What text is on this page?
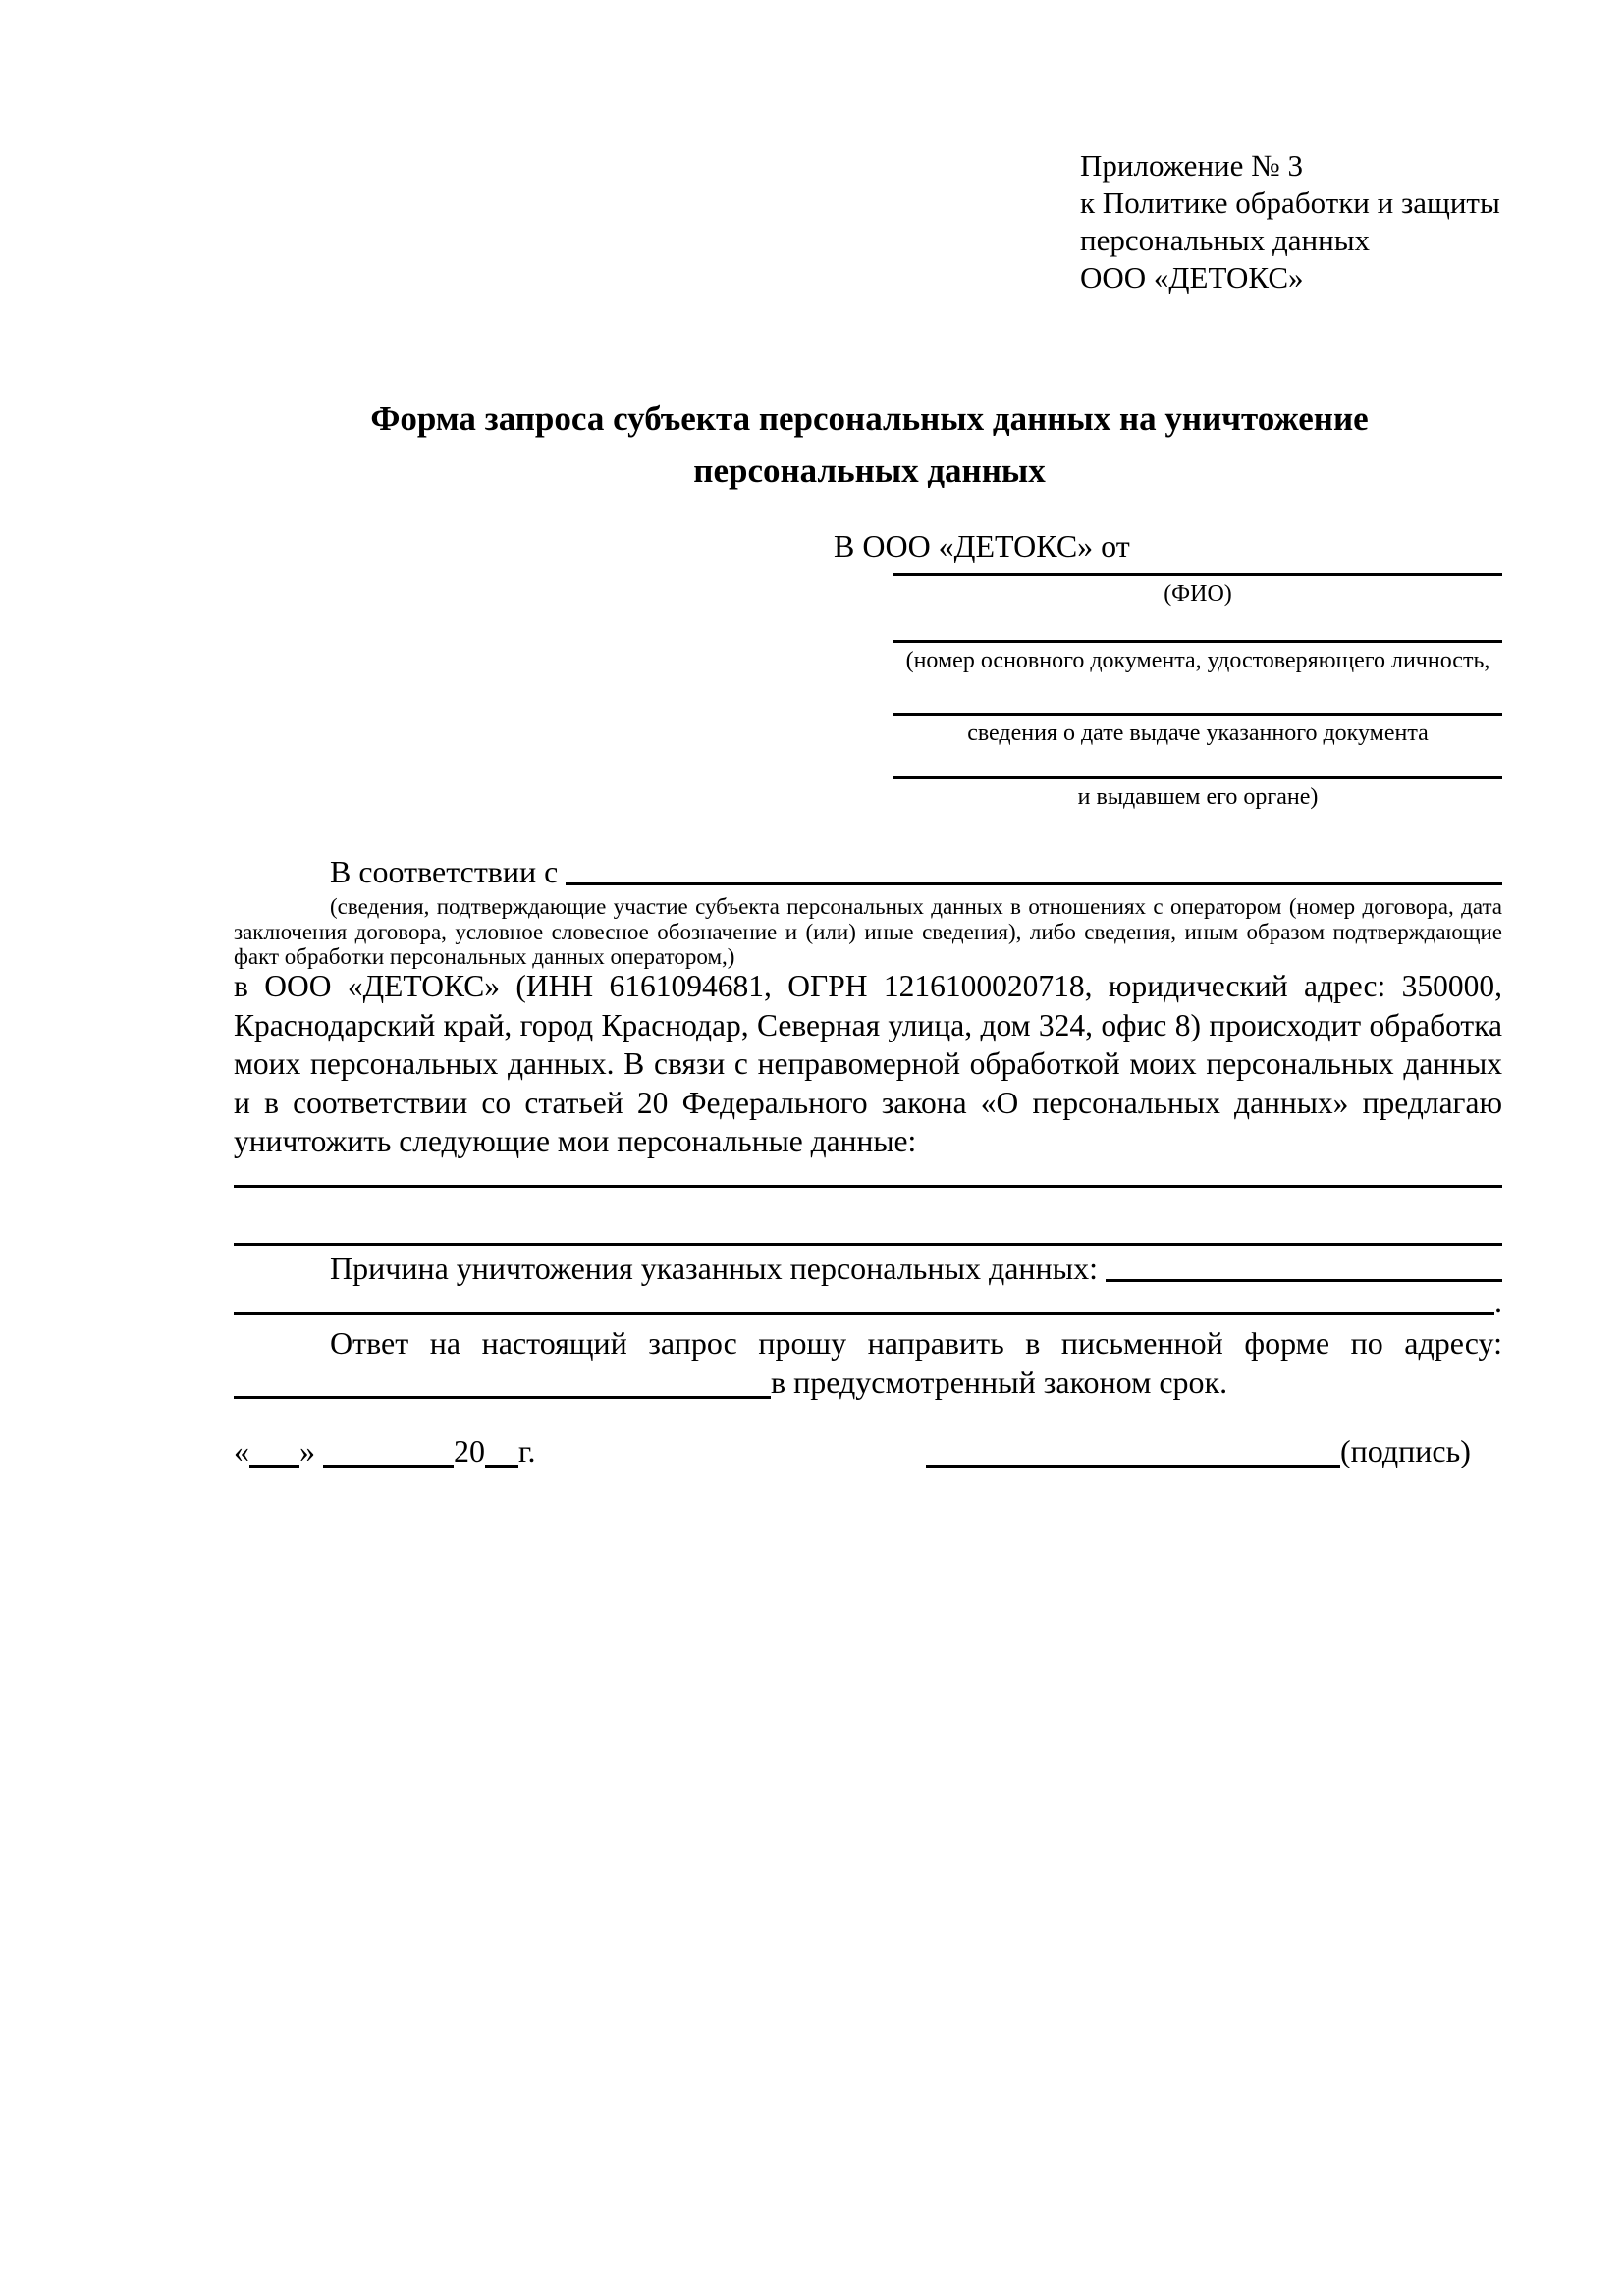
Приложение № 3
к Политике обработки и защиты
персональных данных
ООО «ДЕТОКС»
Форма запроса субъекта персональных данных на уничтожение
персональных данных
В ООО «ДЕТОКС» от
(ФИО)
(номер основного документа, удостоверяющего личность,
сведения о дате выдаче указанного документа
и выдавшем его органе)
В соответствии с
(сведения, подтверждающие участие субъекта персональных данных в отношениях с оператором (номер договора, дата заключения договора, условное словесное обозначение и (или) иные сведения), либо сведения, иным образом подтверждающие факт обработки персональных данных оператором,)
в ООО «ДЕТОКС» (ИНН 6161094681, ОГРН 1216100020718, юридический адрес: 350000, Краснодарский край, город Краснодар, Северная улица, дом 324, офис 8) происходит обработка моих персональных данных. В связи с неправомерной обработкой моих персональных данных и в соответствии со статьей 20 Федерального закона «О персональных данных» предлагаю уничтожить следующие мои персональные данные:
Причина уничтожения указанных персональных данных:
.
Ответ на настоящий запрос прошу направить в письменной форме по адресу:
в предусмотренный законом срок.
« »	20 г.	(подпись)
